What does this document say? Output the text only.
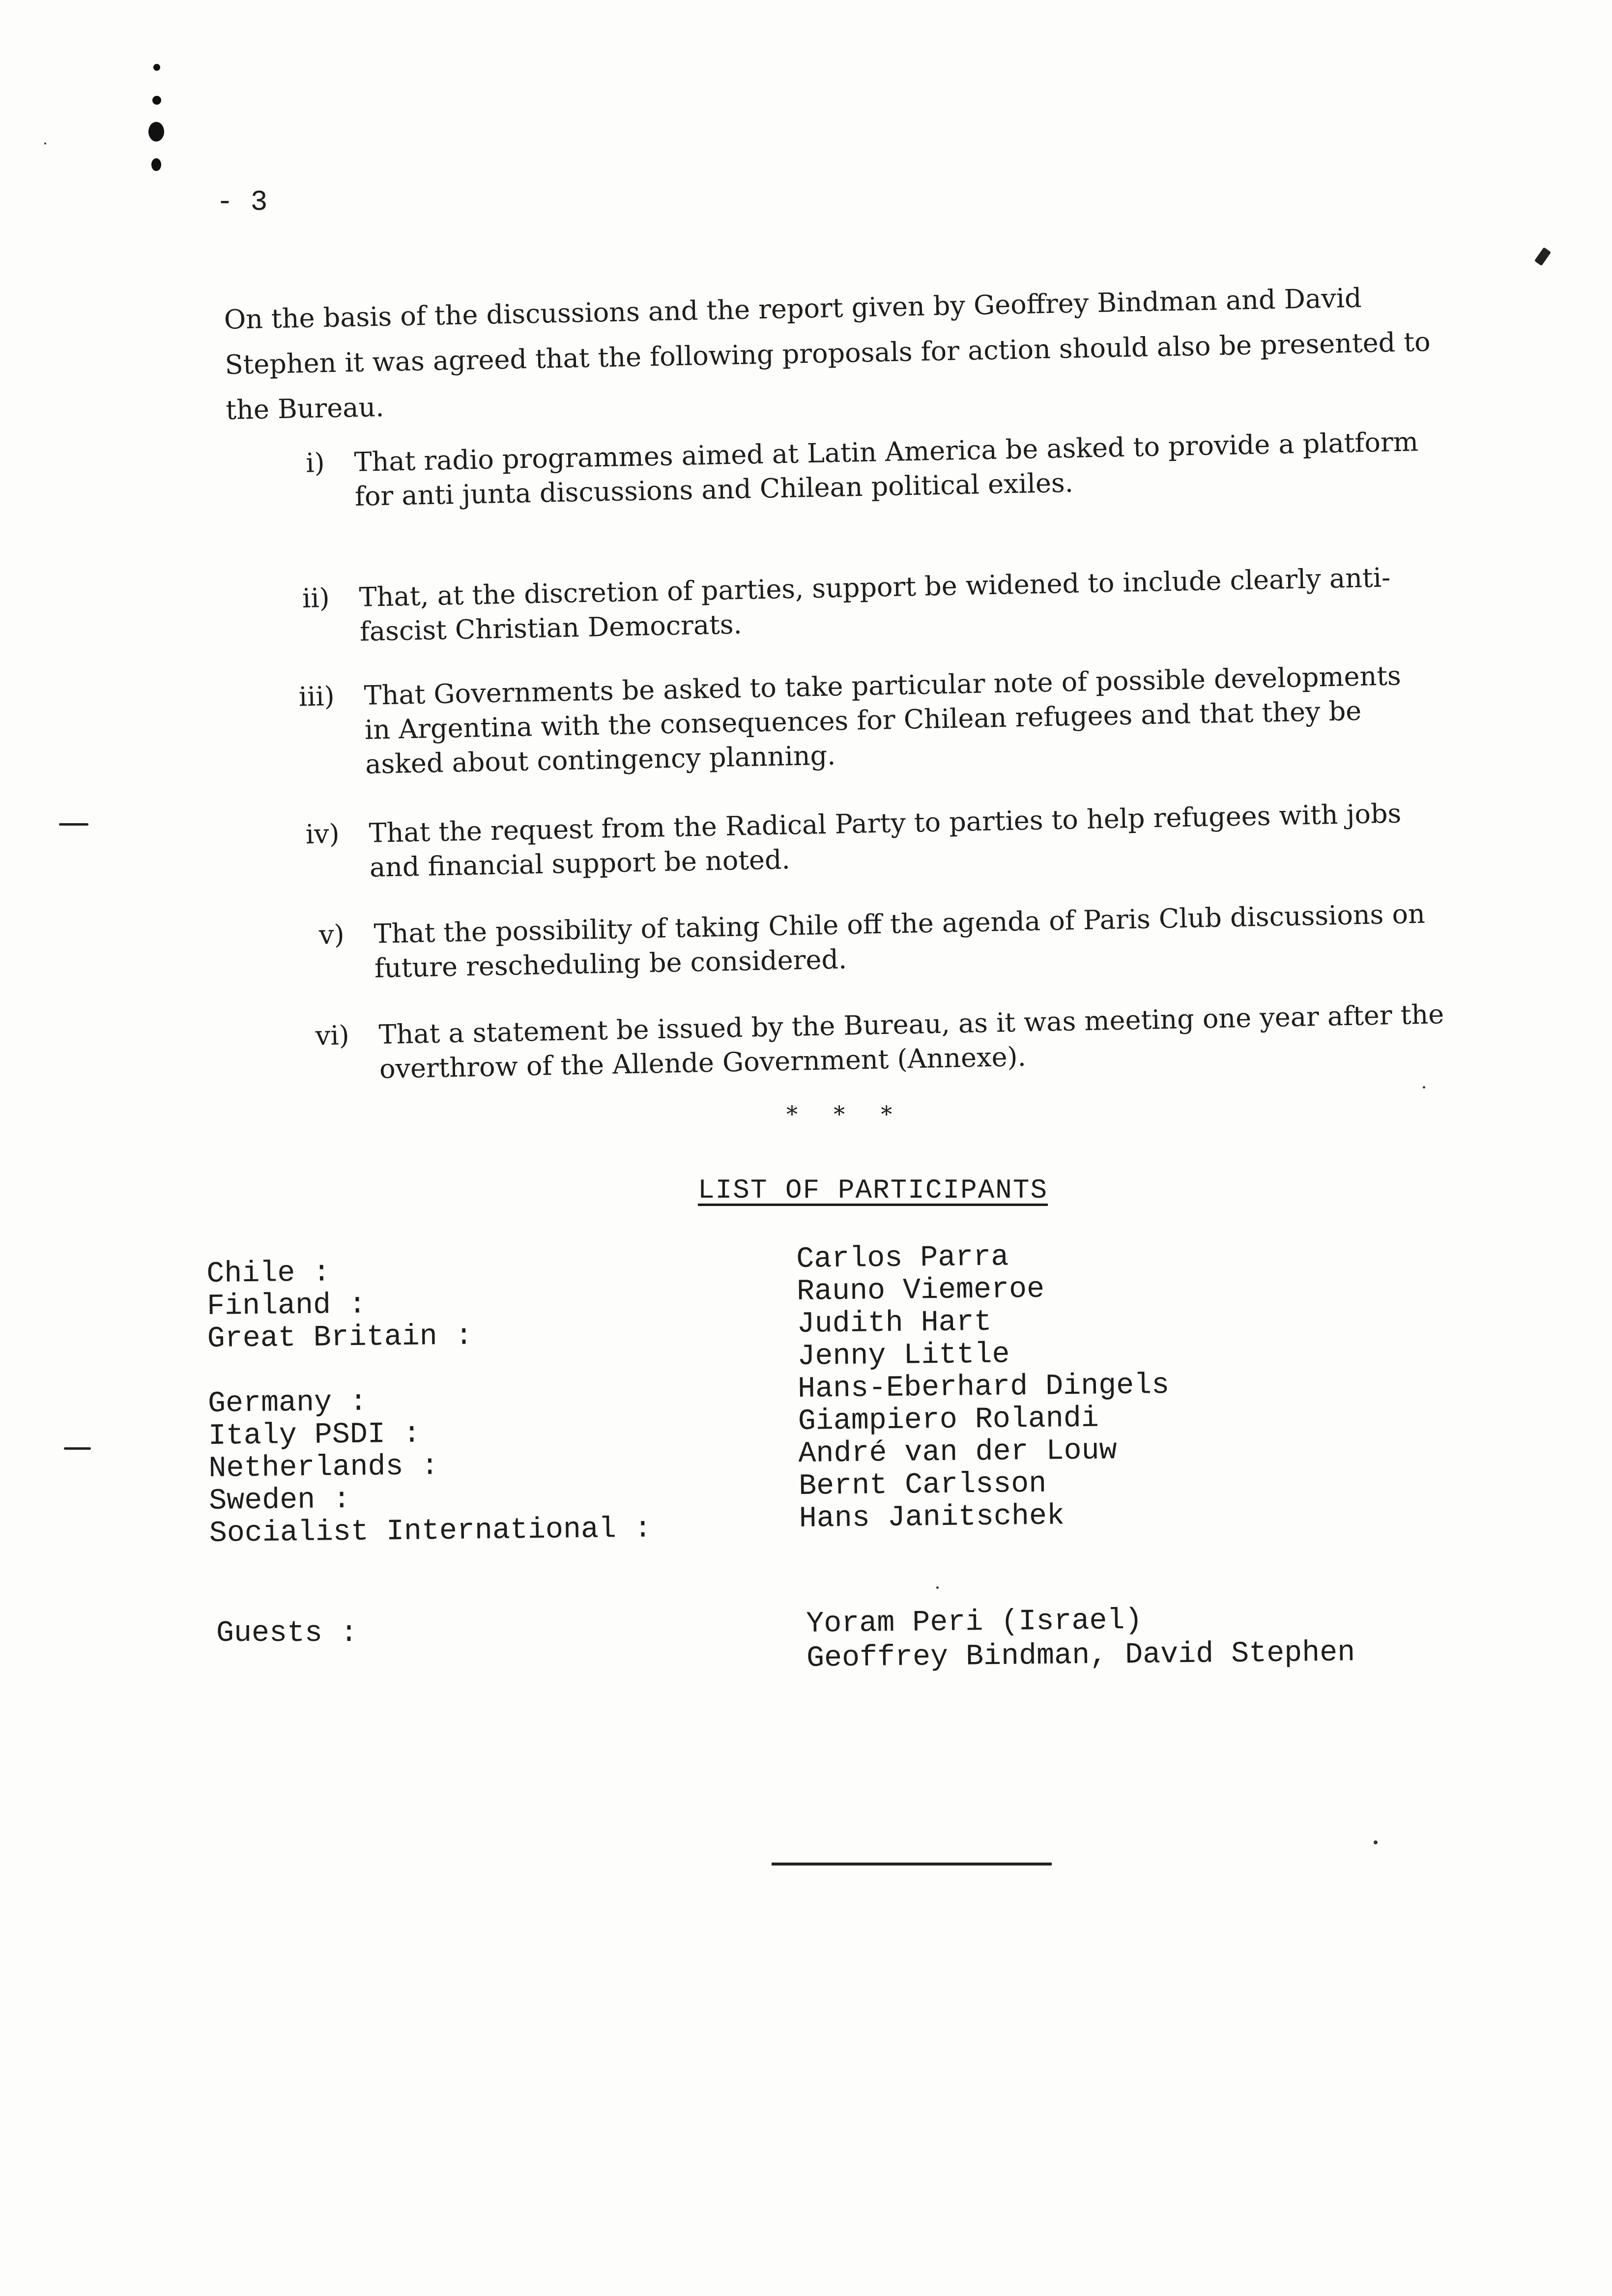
- 3
On the basis of the discussions and the report given by Geoffrey Bindman and David Stephen it was agreed that the following proposals for action should also be presented to the Bureau.
i) That radio programmes aimed at Latin America be asked to provide a platform for anti junta discussions and Chilean political exiles.
ii) That, at the discretion of parties, support be widened to include clearly anti-fascist Christian Democrats.
iii) That Governments be asked to take particular note of possible developments in Argentina with the consequences for Chilean refugees and that they be asked about contingency planning.
iv) That the request from the Radical Party to parties to help refugees with jobs and financial support be noted.
v) That the possibility of taking Chile off the agenda of Paris Club discussions on future rescheduling be considered.
vi) That a statement be issued by the Bureau, as it was meeting one year after the overthrow of the Allende Government (Annexe).
*     *     *
LIST OF PARTICIPANTS
Chile :
Finland :
Great Britain :
Germany :
Italy PSDI :
Netherlands :
Sweden :
Socialist International :
Carlos Parra
Rauno Viemeroe
Judith Hart
Jenny Little
Hans-Eberhard Dingels
Giampiero Rolandi
André van der Louw
Bernt Carlsson
Hans Janitschek
Guests :	Yoram Peri (Israel)
Geoffrey Bindman, David Stephen
